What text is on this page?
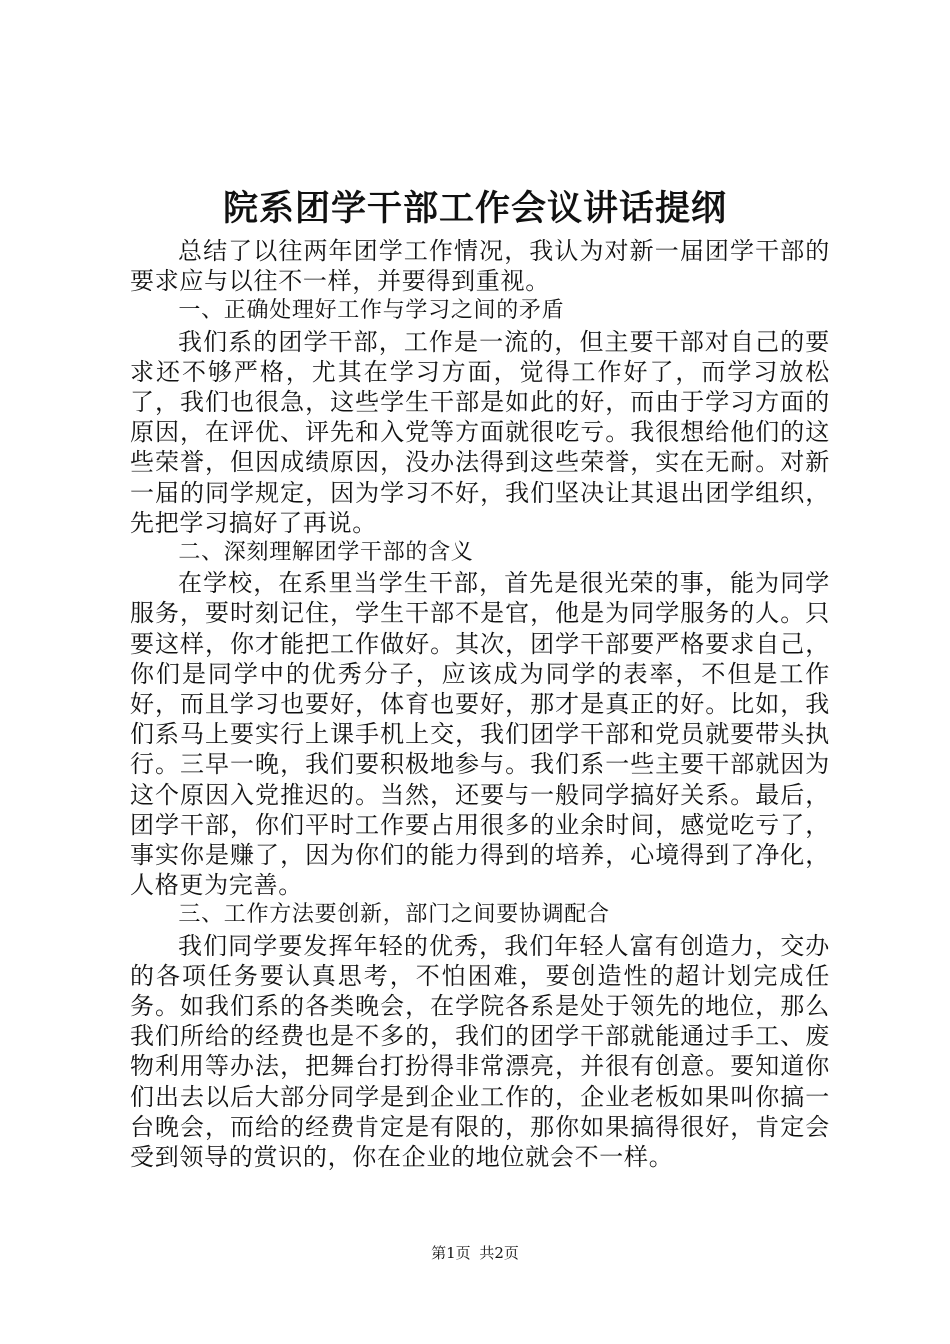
院系团学干部工作会议讲话提纲

总结了以往两年团学工作情况，我认为对新一届团学干部的要求应与以往不一样，并要得到重视。

一、正确处理好工作与学习之间的矛盾

我们系的团学干部，工作是一流的，但主要干部对自己的要求还不够严格，尤其在学习方面，觉得工作好了，而学习放松了，我们也很急，这些学生干部是如此的好，而由于学习方面的原因，在评优、评先和入党等方面就很吃亏。我很想给他们的这些荣誉，但因成绩原因，没办法得到这些荣誉，实在无耐。对新一届的同学规定，因为学习不好，我们坚决让其退出团学组织，先把学习搞好了再说。

二、深刻理解团学干部的含义

在学校，在系里当学生干部，首先是很光荣的事，能为同学服务，要时刻记住，学生干部不是官，他是为同学服务的人。只要这样，你才能把工作做好。其次，团学干部要严格要求自己，你们是同学中的优秀分子，应该成为同学的表率，不但是工作好，而且学习也要好，体育也要好，那才是真正的好。比如，我们系马上要实行上课手机上交，我们团学干部和党员就要带头执行。三早一晚，我们要积极地参与。我们系一些主要干部就因为这个原因入党推迟的。当然，还要与一般同学搞好关系。最后，团学干部，你们平时工作要占用很多的业余时间，感觉吃亏了，事实你是赚了，因为你们的能力得到的培养，心境得到了净化，人格更为完善。

三、工作方法要创新，部门之间要协调配合

我们同学要发挥年轻的优秀，我们年轻人富有创造力，交办的各项任务要认真思考，不怕困难，要创造性的超计划完成任务。如我们系的各类晚会，在学院各系是处于领先的地位，那么我们所给的经费也是不多的，我们的团学干部就能通过手工、废物利用等办法，把舞台打扮得非常漂亮，并很有创意。要知道你们出去以后大部分同学是到企业工作的，企业老板如果叫你搞一台晚会，而给的经费肯定是有限的，那你如果搞得很好，肯定会受到领导的赏识的，你在企业的地位就会不一样。

第1页 共2页
